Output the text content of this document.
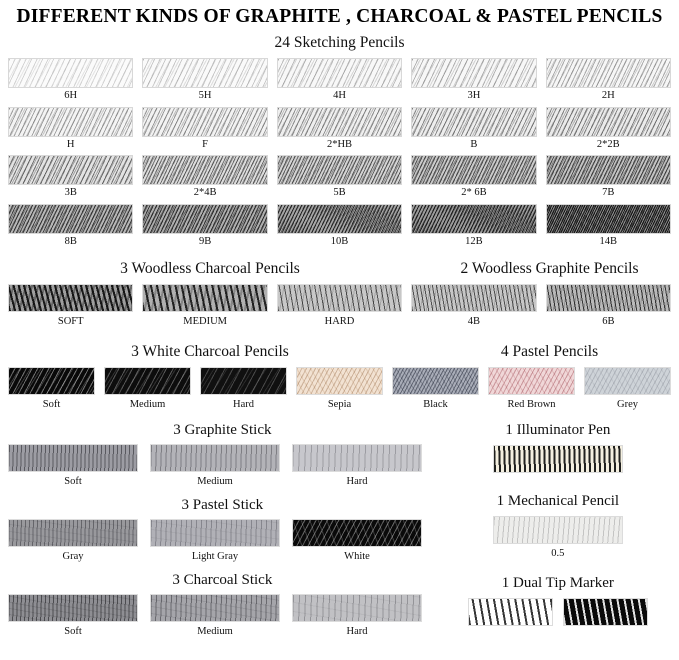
DIFFERENT KINDS OF GRAPHITE , CHARCOAL & PASTEL PENCILS
24 Sketching Pencils
6H	5H	4H	3H	2H
H	F	2*HB	B	2*2B
3B	2*4B	5B	2* 6B	7B
8B	9B	10B	12B	14B
3 Woodless Charcoal Pencils	2 Woodless Graphite Pencils
SOFT	MEDIUM	HARD	4B	6B
3 White Charcoal Pencils	4 Pastel Pencils
Soft	Medium	Hard	Sepia	Black	Red Brown	Grey
3 Graphite Stick
Soft	Medium	Hard
3 Pastel Stick
Gray	Light Gray	White
3 Charcoal Stick
Soft	Medium	Hard
1 Illuminator Pen
1 Mechanical Pencil
0.5
1 Dual Tip Marker
